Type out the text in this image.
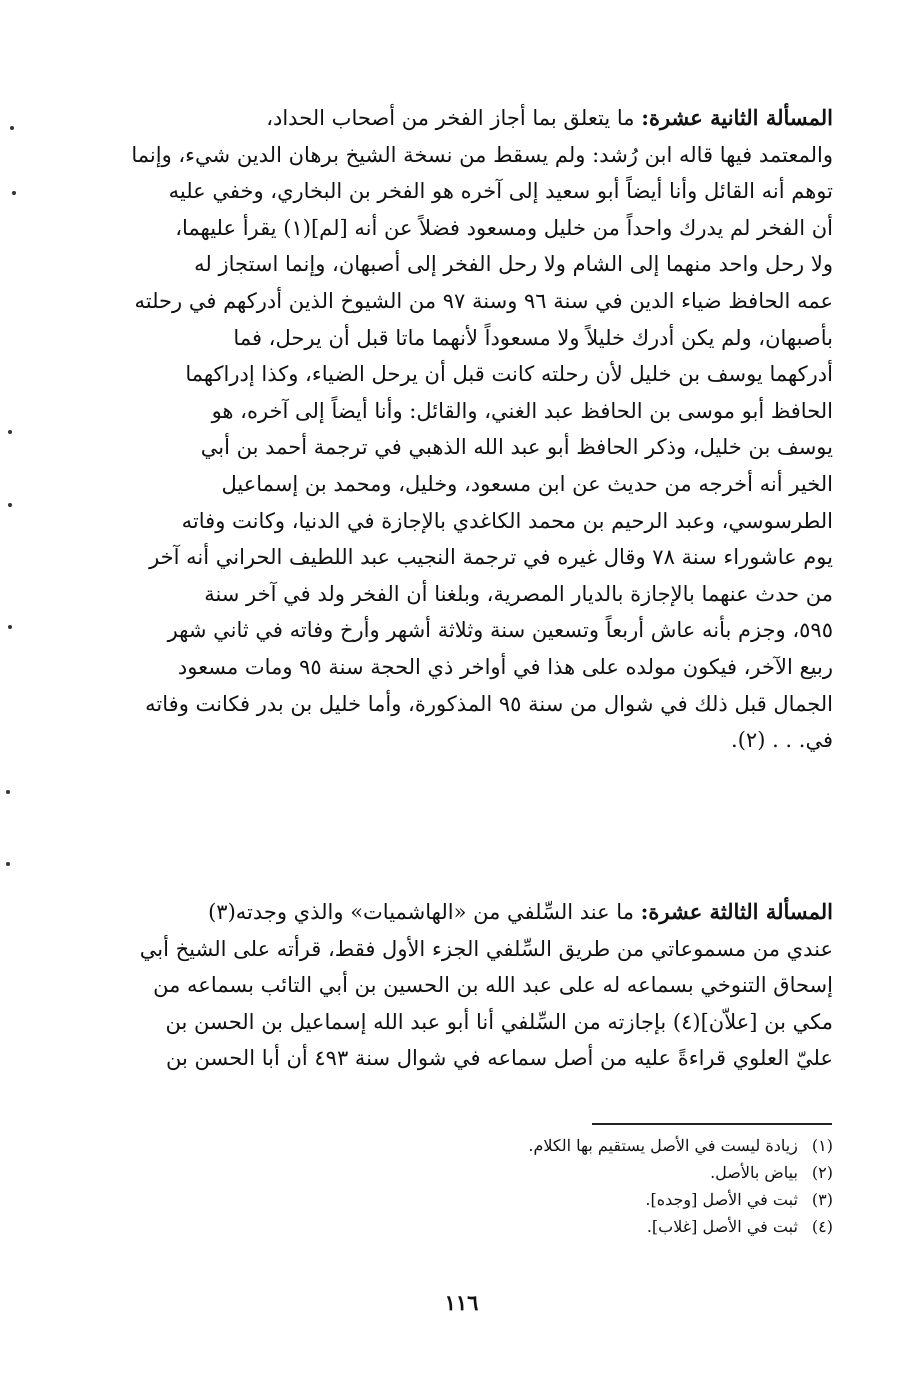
المسألة الثانية عشرة: ما يتعلق بما أجاز الفخر من أصحاب الحداد،
والمعتمد فيها قاله ابن رُشد: ولم يسقط من نسخة الشيخ برهان الدين شيء، وإنما
توهم أنه القائل وأنا أيضاً أبو سعيد إلى آخره هو الفخر بن البخاري، وخفي عليه
أن الفخر لم يدرك واحداً من خليل ومسعود فضلاً عن أنه [لم](١) يقرأ عليهما،
ولا رحل واحد منهما إلى الشام ولا رحل الفخر إلى أصبهان، وإنما استجاز له
عمه الحافظ ضياء الدين في سنة ٩٦ وسنة ٩٧ من الشيوخ الذين أدركهم في رحلته
بأصبهان، ولم يكن أدرك خليلاً ولا مسعوداً لأنهما ماتا قبل أن يرحل، فما
أدركهما يوسف بن خليل لأن رحلته كانت قبل أن يرحل الضياء، وكذا إدراكهما
الحافظ أبو موسى بن الحافظ عبد الغني، والقائل: وأنا أيضاً إلى آخره، هو
يوسف بن خليل، وذكر الحافظ أبو عبد الله الذهبي في ترجمة أحمد بن أبي
الخير أنه أخرجه من حديث عن ابن مسعود، وخليل، ومحمد بن إسماعيل
الطرسوسي، وعبد الرحيم بن محمد الكاغدي بالإجازة في الدنيا، وكانت وفاته
يوم عاشوراء سنة ٧٨ وقال غيره في ترجمة النجيب عبد اللطيف الحراني أنه آخر
من حدث عنهما بالإجازة بالديار المصرية، وبلغنا أن الفخر ولد في آخر سنة
٥٩٥، وجزم بأنه عاش أربعاً وتسعين سنة وثلاثة أشهر وأرخ وفاته في ثاني شهر
ربيع الآخر، فيكون مولده على هذا في أواخر ذي الحجة سنة ٩٥ ومات مسعود
الجمال قبل ذلك في شوال من سنة ٩٥ المذكورة، وأما خليل بن بدر فكانت وفاته
في. . . (٢).
المسألة الثالثة عشرة: ما عند السِّلفي من «الهاشميات» والذي وجدته(٣)
عندي من مسموعاتي من طريق السِّلفي الجزء الأول فقط، قرأته على الشيخ أبي
إسحاق التنوخي بسماعه له على عبد الله بن الحسين بن أبي التائب بسماعه من
مكي بن [علاّن](٤) بإجازته من السِّلفي أنا أبو عبد الله إسماعيل بن الحسن بن
عليّ العلوي قراءةً عليه من أصل سماعه في شوال سنة ٤٩٣ أن أبا الحسن بن
(١) زيادة ليست في الأصل يستقيم بها الكلام.
(٢) بياض بالأصل.
(٣) ثبت في الأصل [وجده].
(٤) ثبت في الأصل [غلاب].
١١٦
